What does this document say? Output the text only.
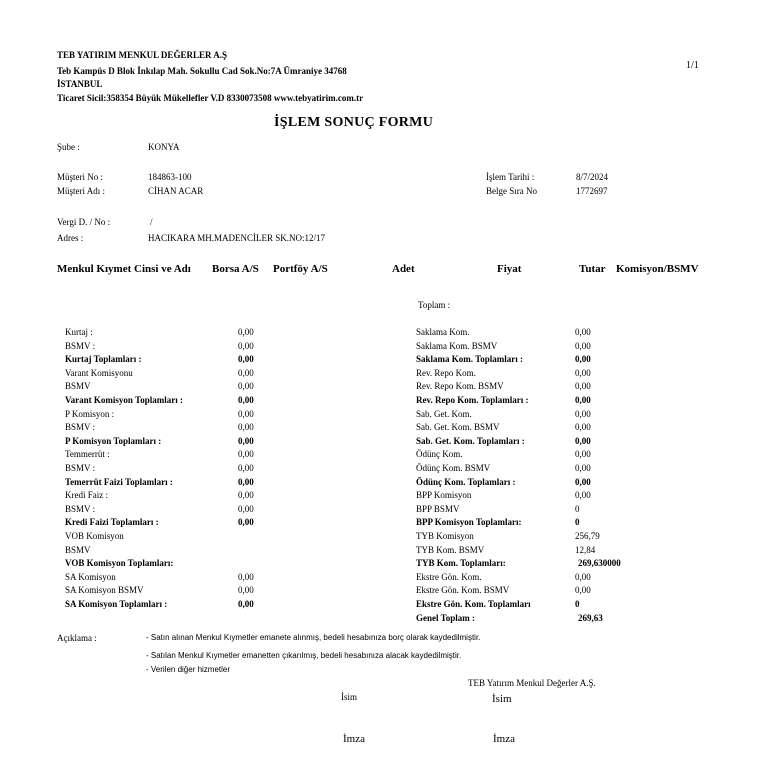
TEB YATIRIM MENKUL DEĞERLER A.Ş
Teb Kampüs D Blok İnkılap Mah. Sokullu Cad Sok.No:7A Ümraniye 34768
İSTANBUL
Ticaret Sicil:358354 Büyük Mükellefler V.D 8330073508 www.tebyatirim.com.tr
1/1
İŞLEM SONUÇ FORMU
Şube :	KONYA
Müşteri No :	184863-100
Müşteri Adı :	CİHAN ACAR
İşlem Tarihi :	8/7/2024
Belge Sıra No	1772697
Vergi D. / No :	/
Adres :	HACIKARA MH.MADENCİLER SK.NO:12/17
Menkul Kıymet Cinsi ve Adı Borsa A/S Portföy A/S	Adet	Fiyat	Tutar Komisyon/BSMV
Toplam :
Kurtaj :	0,00
BSMV :	0,00
Kurtaj Toplamları :	0,00
Varant Komisyonu	0,00
BSMV	0,00
Varant Komisyon Toplamları :	0,00
P Komisyon :	0,00
BSMV :	0,00
P Komisyon Toplamları :	0,00
Temmerrüt :	0,00
BSMV :	0,00
Temerrüt Faizi Toplamları :	0,00
Kredi Faiz :	0,00
BSMV :	0,00
Kredi Faizi Toplamları :	0,00
VOB Komisyon
BSMV
VOB Komisyon Toplamları:
SA Komisyon	0,00
SA Komisyon BSMV	0,00
SA Komisyon Toplamları :	0,00
Saklama Kom.	0,00
Saklama Kom. BSMV	0,00
Saklama Kom. Toplamları :	0,00
Rev. Repo Kom.	0,00
Rev. Repo Kom. BSMV	0,00
Rev. Repo Kom. Toplamları :	0,00
Sab. Get. Kom.	0,00
Sab. Get. Kom. BSMV	0,00
Sab. Get. Kom. Toplamları :	0,00
Ödünç Kom.	0,00
Ödünç Kom. BSMV	0,00
Ödünç Kom. Toplamları :	0,00
BPP Komisyon	0,00
BPP BSMV	0
BPP Komisyon Toplamları:	0
TYB Komisyon	256,79
TYB Kom. BSMV	12,84
TYB Kom. Toplamları:	269,630000
Ekstre Gön. Kom.	0,00
Ekstre Gön. Kom. BSMV	0,00
Ekstre Gön. Kom. Toplamları	0
Genel Toplam :	269,63
Açıklama :	- Satın alınan Menkul Kıymetler emanete alınmış, bedeli hesabınıza borç olarak kaydedilmiştir.
- Satılan Menkul Kıymetler emanetten çıkarılmış, bedeli hesabınıza alacak kaydedilmiştir.
- Verilen diğer hizmetler
TEB Yatırım Menkul Değerler A.Ş.
İsim	İsim
İmza	İmza
